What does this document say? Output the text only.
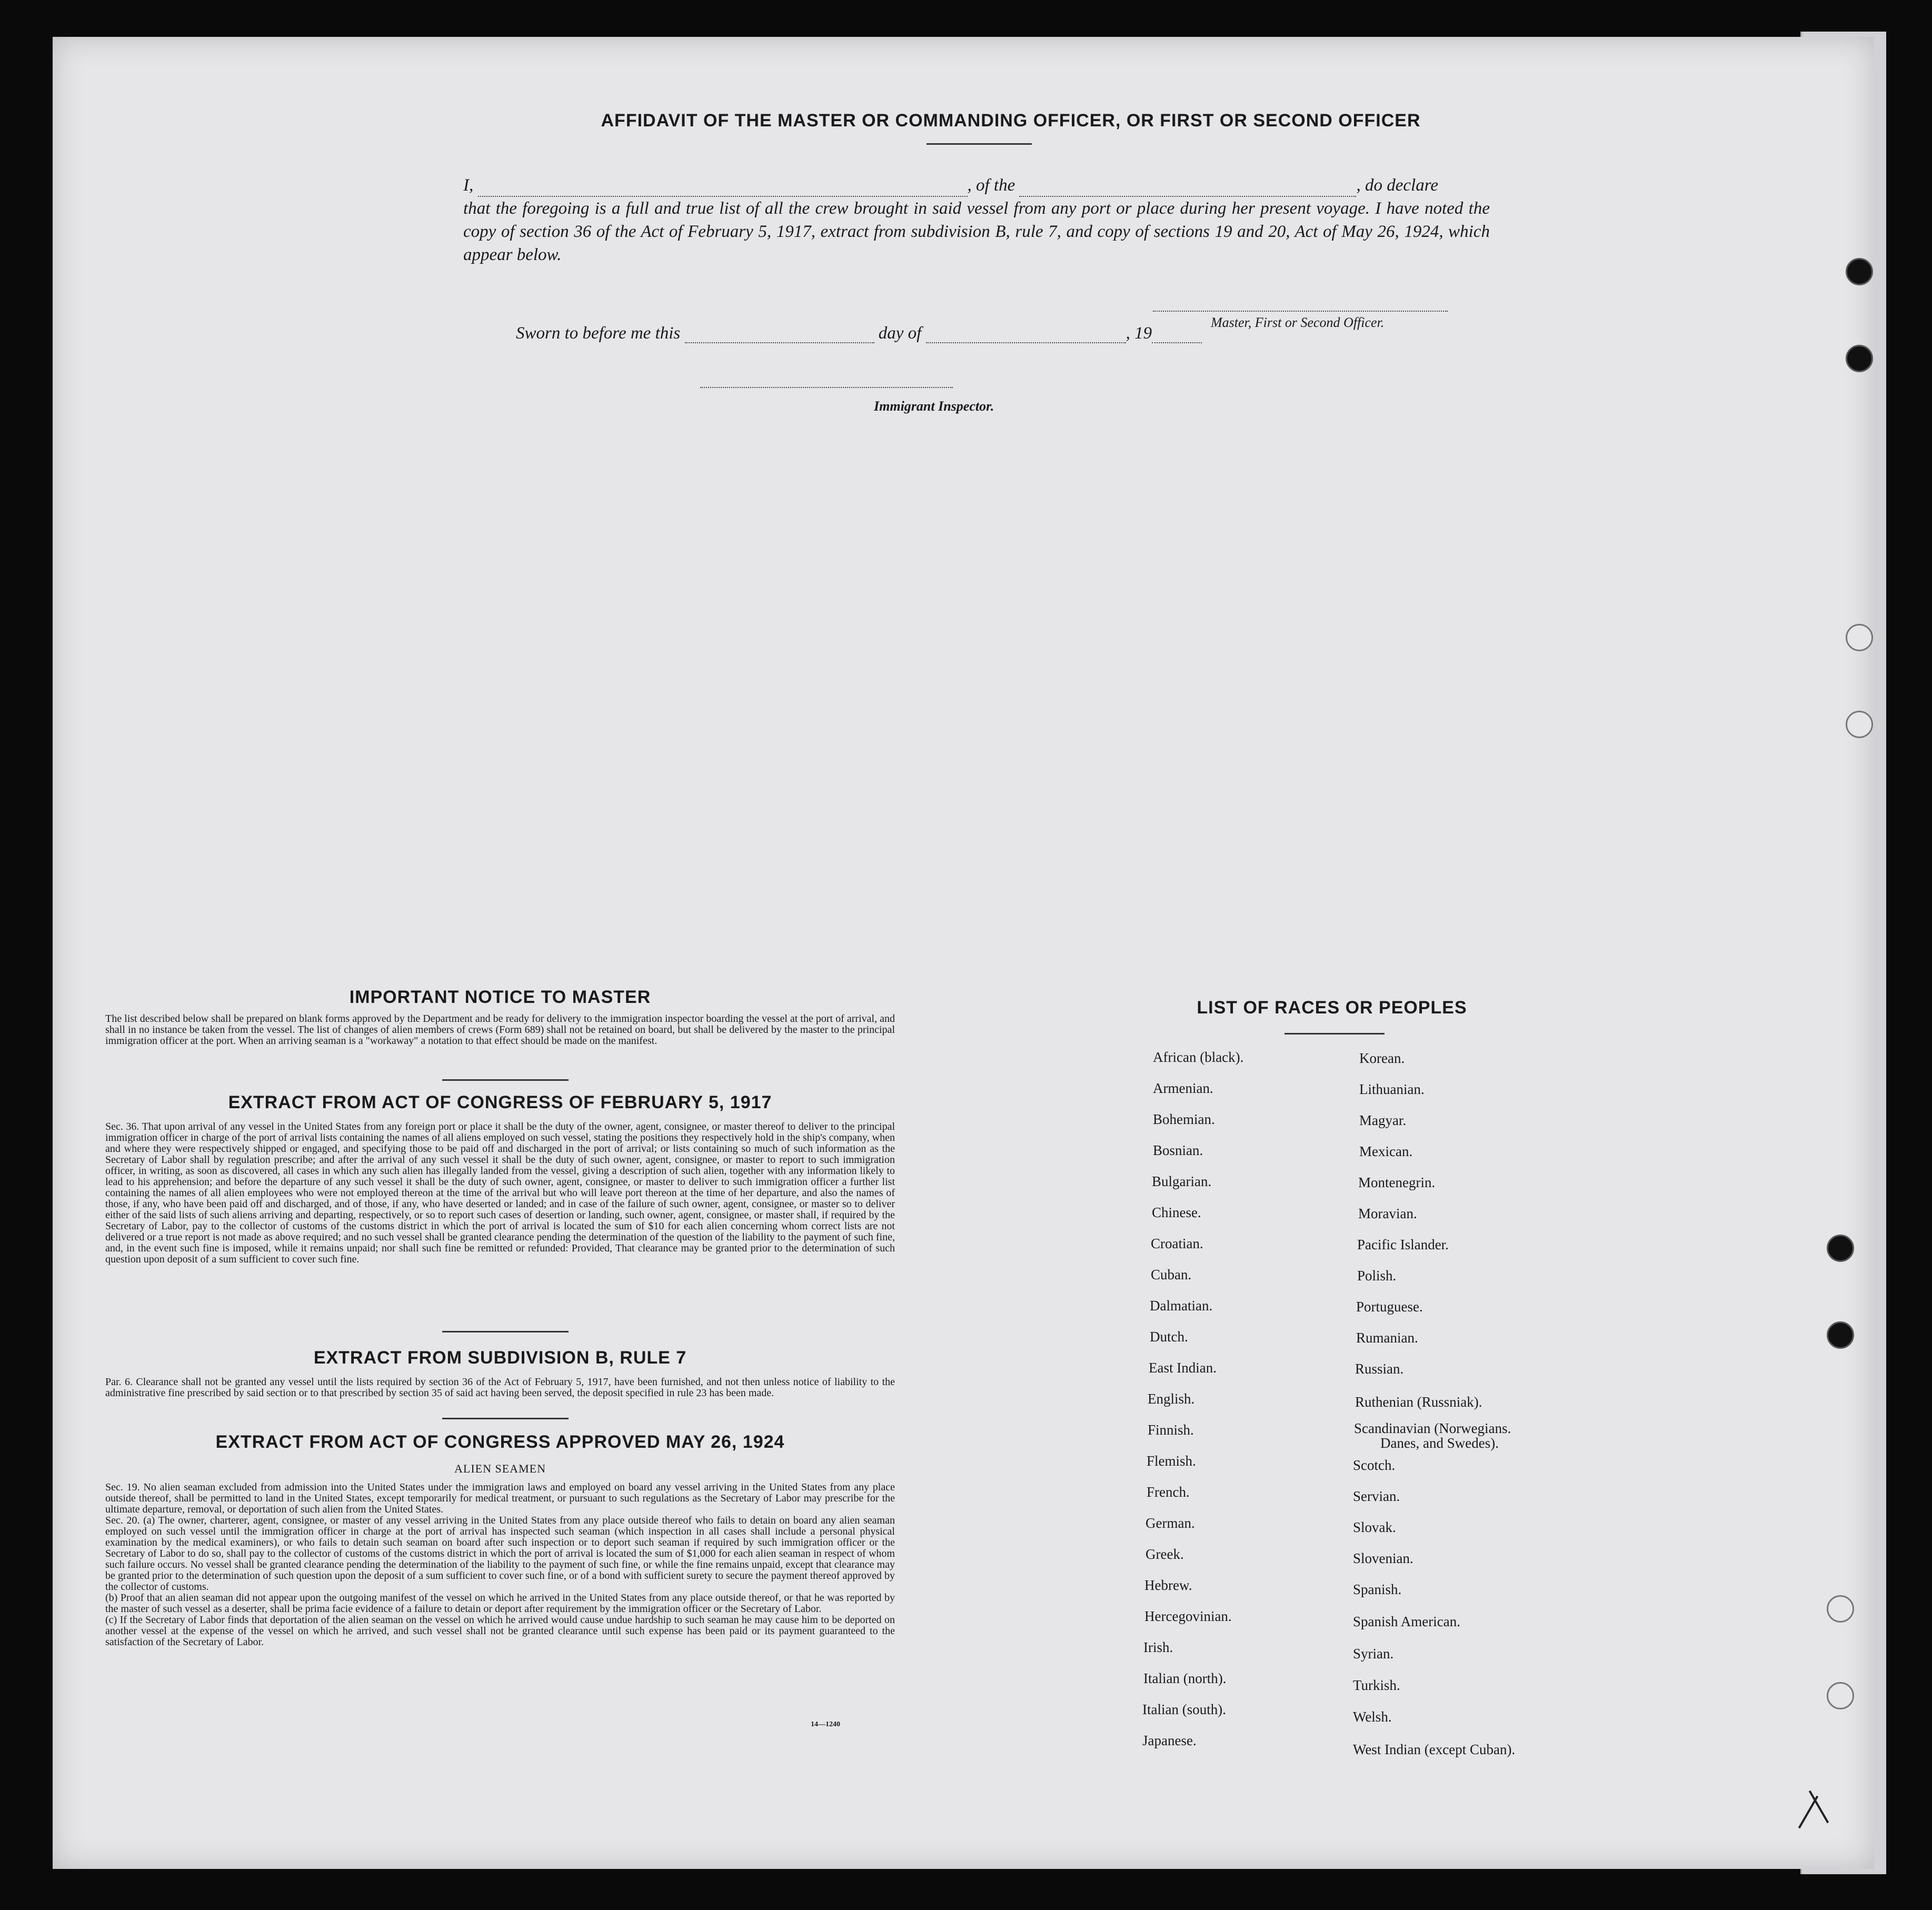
AFFIDAVIT OF THE MASTER OR COMMANDING OFFICER, OR FIRST OR SECOND OFFICER
I,	, of the	, do declare
that the foregoing is a full and true list of all the crew brought in said vessel from any port or place during her present voyage. I have noted the copy of section 36 of the Act of February 5, 1917, extract from subdivision B, rule 7, and copy of sections 19 and 20, Act of May 26, 1924, which appear below.
Master, First or Second Officer.
Sworn to before me this	day of	, 19
Immigrant Inspector.
IMPORTANT NOTICE TO MASTER
The list described below shall be prepared on blank forms approved by the Department and be ready for delivery to the immigration inspector boarding the vessel at the port of arrival, and shall in no instance be taken from the vessel. The list of changes of alien members of crews (Form 689) shall not be retained on board, but shall be delivered by the master to the principal immigration officer at the port. When an arriving seaman is a "workaway" a notation to that effect should be made on the manifest.
EXTRACT FROM ACT OF CONGRESS OF FEBRUARY 5, 1917
Sec. 36. That upon arrival of any vessel in the United States from any foreign port or place it shall be the duty of the owner, agent, consignee, or master thereof to deliver to the principal immigration officer in charge of the port of arrival lists containing the names of all aliens employed on such vessel, stating the positions they respectively hold in the ship's company, when and where they were respectively shipped or engaged, and specifying those to be paid off and discharged in the port of arrival; or lists containing so much of such information as the Secretary of Labor shall by regulation prescribe; and after the arrival of any such vessel it shall be the duty of such owner, agent, consignee, or master to report to such immigration officer, in writing, as soon as discovered, all cases in which any such alien has illegally landed from the vessel, giving a description of such alien, together with any information likely to lead to his apprehension; and before the departure of any such vessel it shall be the duty of such owner, agent, consignee, or master to deliver to such immigration officer a further list containing the names of all alien employees who were not employed thereon at the time of the arrival but who will leave port thereon at the time of her departure, and also the names of those, if any, who have been paid off and discharged, and of those, if any, who have deserted or landed; and in case of the failure of such owner, agent, consignee, or master so to deliver either of the said lists of such aliens arriving and departing, respectively, or so to report such cases of desertion or landing, such owner, agent, consignee, or master shall, if required by the Secretary of Labor, pay to the collector of customs of the customs district in which the port of arrival is located the sum of $10 for each alien concerning whom correct lists are not delivered or a true report is not made as above required; and no such vessel shall be granted clearance pending the determination of the question of the liability to the payment of such fine, and, in the event such fine is imposed, while it remains unpaid; nor shall such fine be remitted or refunded: Provided, That clearance may be granted prior to the determination of such question upon deposit of a sum sufficient to cover such fine.
EXTRACT FROM SUBDIVISION B, RULE 7
Par. 6. Clearance shall not be granted any vessel until the lists required by section 36 of the Act of February 5, 1917, have been furnished, and not then unless notice of liability to the administrative fine prescribed by said section or to that prescribed by section 35 of said act having been served, the deposit specified in rule 23 has been made.
EXTRACT FROM ACT OF CONGRESS APPROVED MAY 26, 1924
ALIEN SEAMEN
Sec. 19. No alien seaman excluded from admission into the United States under the immigration laws and employed on board any vessel arriving in the United States from any place outside thereof, shall be permitted to land in the United States, except temporarily for medical treatment, or pursuant to such regulations as the Secretary of Labor may prescribe for the ultimate departure, removal, or deportation of such alien from the United States.
Sec. 20. (a) The owner, charterer, agent, consignee, or master of any vessel arriving in the United States from any place outside thereof who fails to detain on board any alien seaman employed on such vessel until the immigration officer in charge at the port of arrival has inspected such seaman (which inspection in all cases shall include a personal physical examination by the medical examiners), or who fails to detain such seaman on board after such inspection or to deport such seaman if required by such immigration officer or the Secretary of Labor to do so, shall pay to the collector of customs of the customs district in which the port of arrival is located the sum of $1,000 for each alien seaman in respect of whom such failure occurs. No vessel shall be granted clearance pending the determination of the liability to the payment of such fine, or while the fine remains unpaid, except that clearance may be granted prior to the determination of such question upon the deposit of a sum sufficient to cover such fine, or of a bond with sufficient surety to secure the payment thereof approved by the collector of customs.
(b) Proof that an alien seaman did not appear upon the outgoing manifest of the vessel on which he arrived in the United States from any place outside thereof, or that he was reported by the master of such vessel as a deserter, shall be prima facie evidence of a failure to detain or deport after requirement by the immigration officer or the Secretary of Labor.
(c) If the Secretary of Labor finds that deportation of the alien seaman on the vessel on which he arrived would cause undue hardship to such seaman he may cause him to be deported on another vessel at the expense of the vessel on which he arrived, and such vessel shall not be granted clearance until such expense has been paid or its payment guaranteed to the satisfaction of the Secretary of Labor.
14—1240
LIST OF RACES OR PEOPLES
African (black).
Armenian.
Bohemian.
Bosnian.
Bulgarian.
Chinese.
Croatian.
Cuban.
Dalmatian.
Dutch.
East Indian.
English.
Finnish.
Flemish.
French.
German.
Greek.
Hebrew.
Hercegovinian.
Irish.
Italian (north).
Italian (south).
Japanese.
Korean.
Lithuanian.
Magyar.
Mexican.
Montenegrin.
Moravian.
Pacific Islander.
Polish.
Portuguese.
Rumanian.
Russian.
Ruthenian (Russniak).
Scandinavian (Norwegians.
Danes, and Swedes).
Scotch.
Servian.
Slovak.
Slovenian.
Spanish.
Spanish American.
Syrian.
Turkish.
Welsh.
West Indian (except Cuban).
